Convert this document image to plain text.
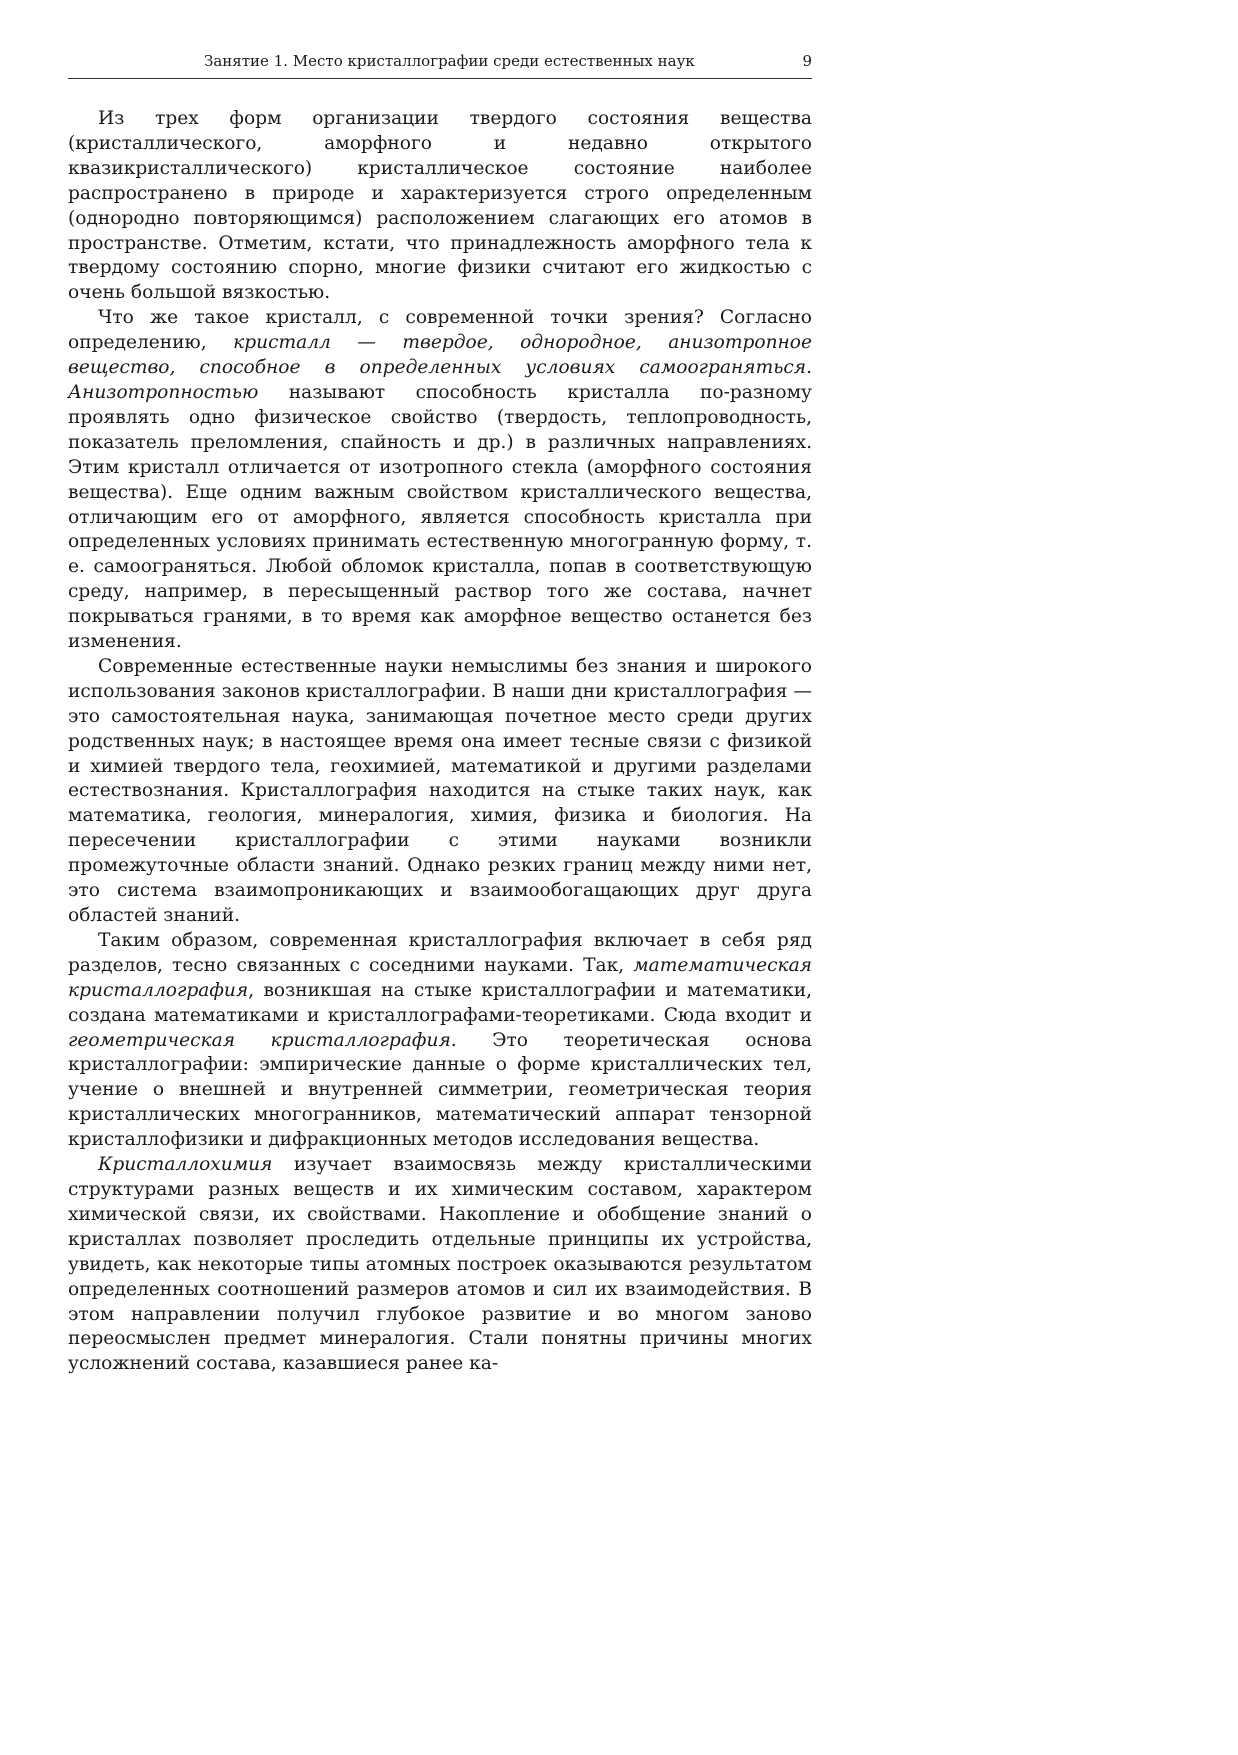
Занятие 1. Место кристаллографии среди естественных наук	9

Из трех форм организации твердого состояния вещества (кристаллического, аморфного и недавно открытого квазикристаллического) кристаллическое состояние наиболее распространено в природе и характеризуется строго определенным (однородно повторяющимся) расположением слагающих его атомов в пространстве. Отметим, кстати, что принадлежность аморфного тела к твердому состоянию спорно, многие физики считают его жидкостью с очень большой вязкостью.

Что же такое кристалл, с современной точки зрения? Согласно определению, кристалл — твердое, однородное, анизотропное вещество, способное в определенных условиях самоограняться. Анизотропностью называют способность кристалла по-разному проявлять одно физическое свойство (твердость, теплопроводность, показатель преломления, спайность и др.) в различных направлениях. Этим кристалл отличается от изотропного стекла (аморфного состояния вещества). Еще одним важным свойством кристаллического вещества, отличающим его от аморфного, является способность кристалла при определенных условиях принимать естественную многогранную форму, т. е. самоограняться. Любой обломок кристалла, попав в соответствующую среду, например, в пересыщенный раствор того же состава, начнет покрываться гранями, в то время как аморфное вещество останется без изменения.

Современные естественные науки немыслимы без знания и широкого использования законов кристаллографии. В наши дни кристаллография — это самостоятельная наука, занимающая почетное место среди других родственных наук; в настоящее время она имеет тесные связи с физикой и химией твердого тела, геохимией, математикой и другими разделами естествознания. Кристаллография находится на стыке таких наук, как математика, геология, минералогия, химия, физика и биология. На пересечении кристаллографии с этими науками возникли промежуточные области знаний. Однако резких границ между ними нет, это система взаимопроникающих и взаимообогащающих друг друга областей знаний.

Таким образом, современная кристаллография включает в себя ряд разделов, тесно связанных с соседними науками. Так, математическая кристаллография, возникшая на стыке кристаллографии и математики, создана математиками и кристаллографами-теоретиками. Сюда входит и геометрическая кристаллография. Это теоретическая основа кристаллографии: эмпирические данные о форме кристаллических тел, учение о внешней и внутренней симметрии, геометрическая теория кристаллических многогранников, математический аппарат тензорной кристаллофизики и дифракционных методов исследования вещества.

Кристаллохимия изучает взаимосвязь между кристаллическими структурами разных веществ и их химическим составом, характером химической связи, их свойствами. Накопление и обобщение знаний о кристаллах позволяет проследить отдельные принципы их устройства, увидеть, как некоторые типы атомных построек оказываются результатом определенных соотношений размеров атомов и сил их взаимодействия. В этом направлении получил глубокое развитие и во многом заново переосмыслен предмет минералогия. Стали понятны причины многих усложнений состава, казавшиеся ранее ка-
